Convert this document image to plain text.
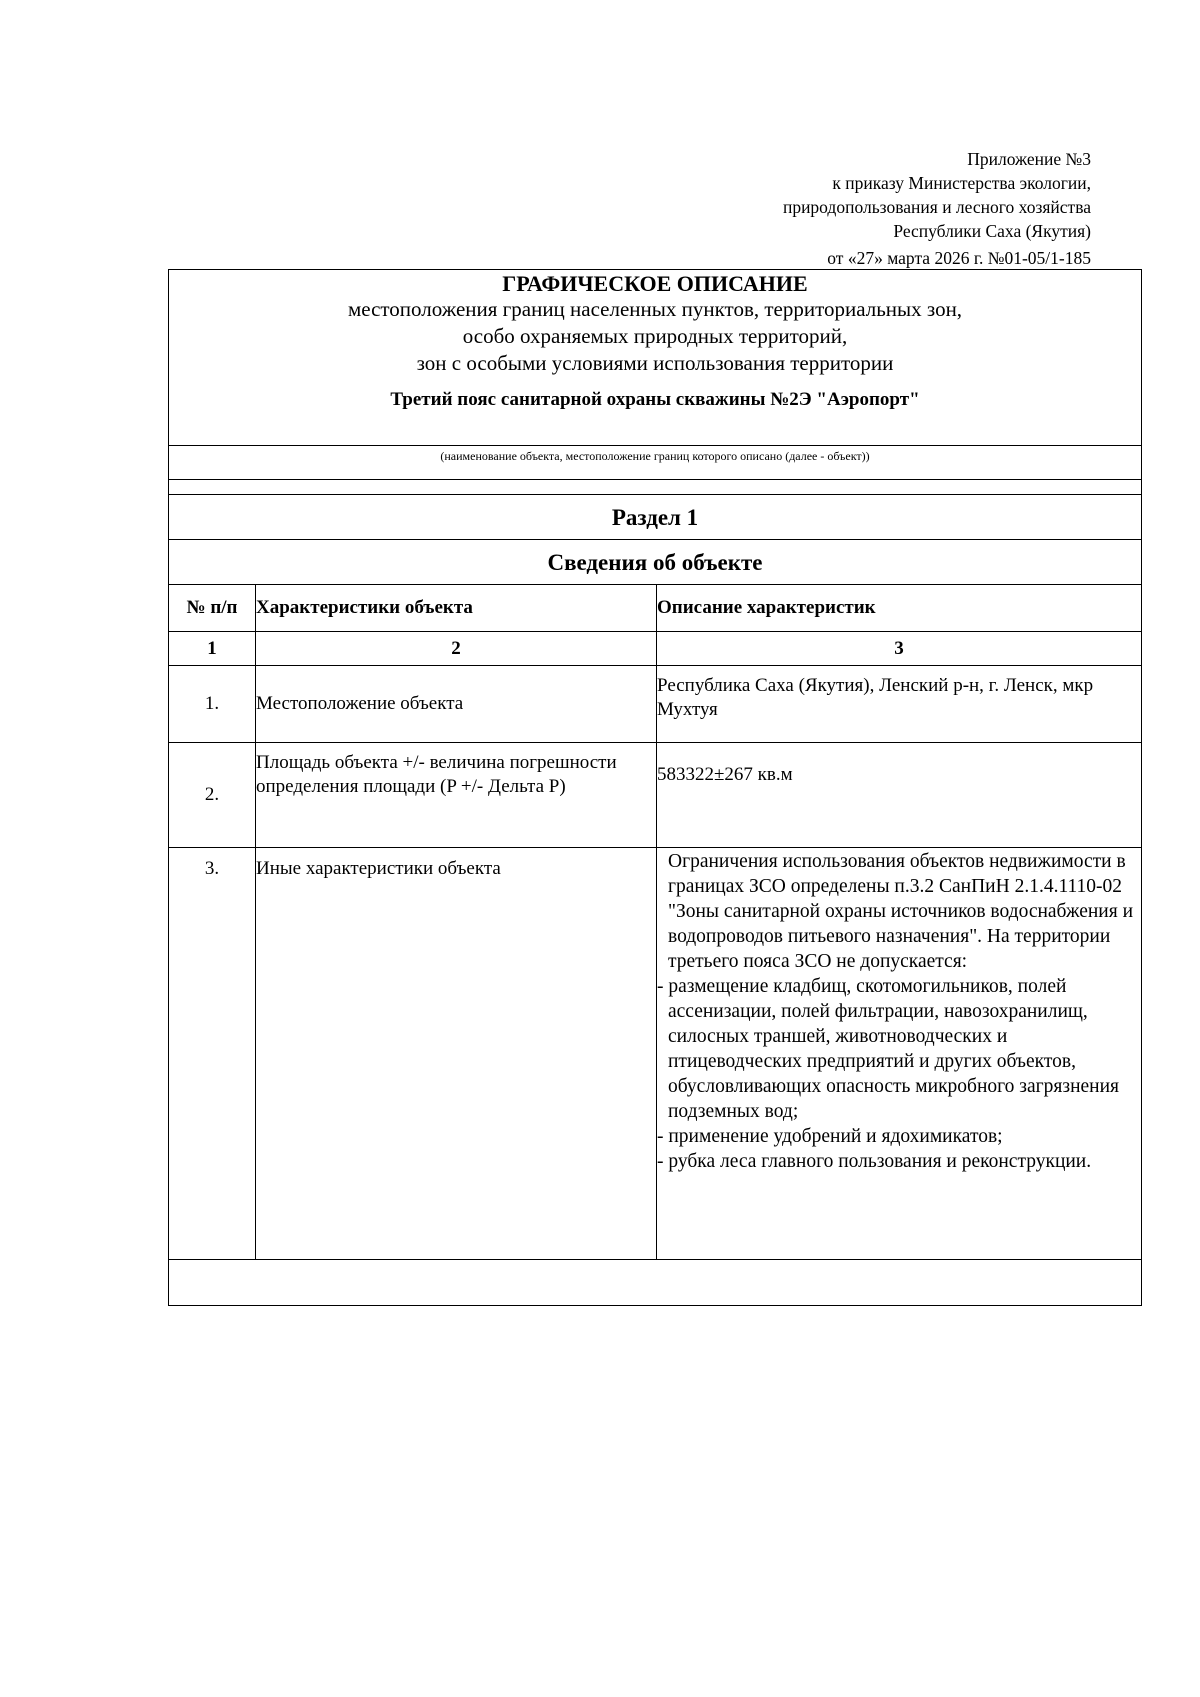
Приложение №3
к приказу Министерства экологии,
природопользования и лесного хозяйства
Республики Саха (Якутия)
от «27» марта 2026 г. №01-05/1-185
ГРАФИЧЕСКОЕ ОПИСАНИЕ
местоположения границ населенных пунктов, территориальных зон,
особо охраняемых природных территорий,
зон с особыми условиями использования территории
Третий пояс санитарной охраны скважины №2Э "Аэропорт"
(наименование объекта, местоположение границ которого описано (далее - объект))
Раздел 1
Сведения об объекте
№ п/п	Характеристики объекта	Описание характеристик
1	2	3
1.	Местоположение объекта	Республика Саха (Якутия), Ленский р-н, г. Ленск, мкр Мухтуя
2.	Площадь объекта +/- величина погрешности определения площади (P +/- Дельта P)	583322±267 кв.м
3.	Иные характеристики объекта	Ограничения использования объектов недвижимости в границах ЗСО определены п.3.2 СанПиН 2.1.4.1110-02 "Зоны санитарной охраны источников водоснабжения и водопроводов питьевого назначения". На территории третьего пояса ЗСО не допускается:
- размещение кладбищ, скотомогильников, полей ассенизации, полей фильтрации, навозохранилищ, силосных траншей, животноводческих и птицеводческих предприятий и других объектов, обусловливающих опасность микробного загрязнения подземных вод;
- применение удобрений и ядохимикатов;
- рубка леса главного пользования и реконструкции.
